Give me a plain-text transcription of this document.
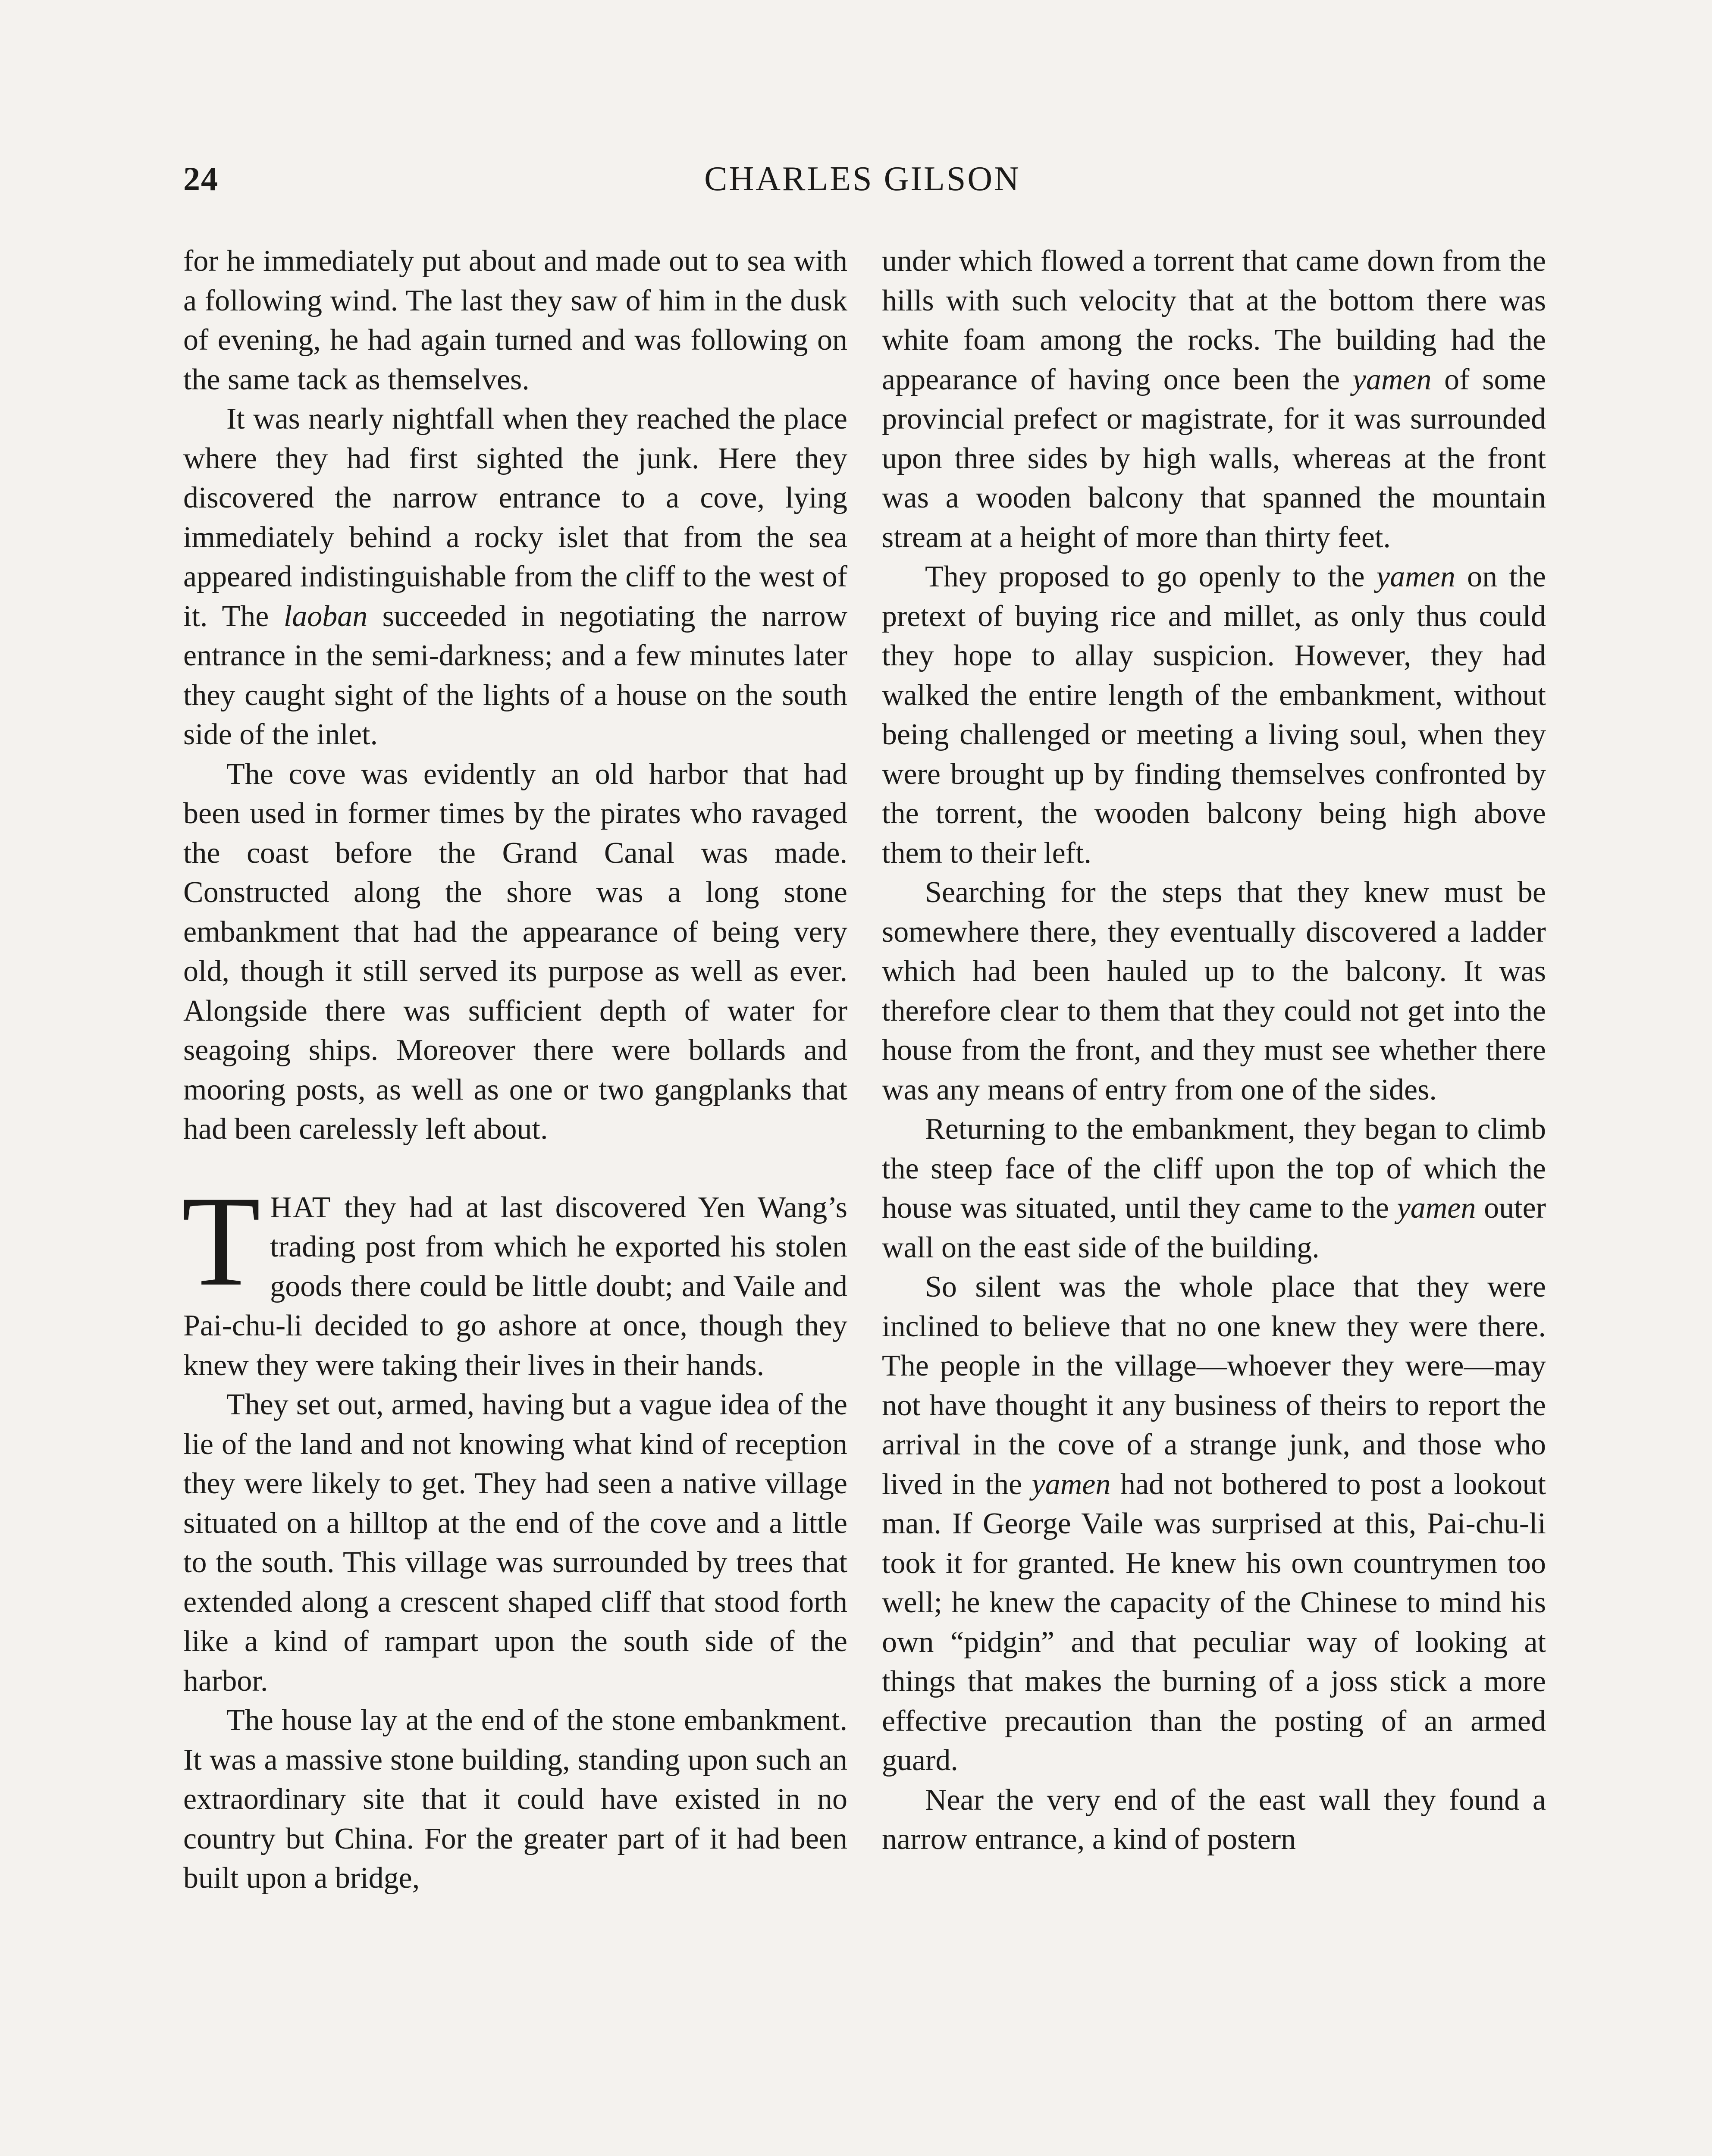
24	CHARLES GILSON

for he immediately put about and made out to sea with a following wind. The last they saw of him in the dusk of evening, he had again turned and was following on the same tack as themselves.

It was nearly nightfall when they reached the place where they had first sighted the junk. Here they discovered the narrow entrance to a cove, lying immediately behind a rocky islet that from the sea appeared indistinguishable from the cliff to the west of it. The laoban succeeded in negotiating the narrow entrance in the semi-darkness; and a few minutes later they caught sight of the lights of a house on the south side of the inlet.

The cove was evidently an old harbor that had been used in former times by the pirates who ravaged the coast before the Grand Canal was made. Constructed along the shore was a long stone embankment that had the appearance of being very old, though it still served its purpose as well as ever. Alongside there was sufficient depth of water for seagoing ships. Moreover there were bollards and mooring posts, as well as one or two gangplanks that had been carelessly left about.

THAT they had at last discovered Yen Wang’s trading post from which he exported his stolen goods there could be little doubt; and Vaile and Pai-chu-li decided to go ashore at once, though they knew they were taking their lives in their hands.

They set out, armed, having but a vague idea of the lie of the land and not knowing what kind of reception they were likely to get. They had seen a native village situated on a hilltop at the end of the cove and a little to the south. This village was surrounded by trees that extended along a crescent shaped cliff that stood forth like a kind of rampart upon the south side of the harbor.

The house lay at the end of the stone embankment. It was a massive stone building, standing upon such an extraordinary site that it could have existed in no country but China. For the greater part of it had been built upon a bridge,

under which flowed a torrent that came down from the hills with such velocity that at the bottom there was white foam among the rocks. The building had the appearance of having once been the yamen of some provincial prefect or magistrate, for it was surrounded upon three sides by high walls, whereas at the front was a wooden balcony that spanned the mountain stream at a height of more than thirty feet.

They proposed to go openly to the yamen on the pretext of buying rice and millet, as only thus could they hope to allay suspicion. However, they had walked the entire length of the embankment, without being challenged or meeting a living soul, when they were brought up by finding themselves confronted by the torrent, the wooden balcony being high above them to their left.

Searching for the steps that they knew must be somewhere there, they eventually discovered a ladder which had been hauled up to the balcony. It was therefore clear to them that they could not get into the house from the front, and they must see whether there was any means of entry from one of the sides.

Returning to the embankment, they began to climb the steep face of the cliff upon the top of which the house was situated, until they came to the yamen outer wall on the east side of the building.

So silent was the whole place that they were inclined to believe that no one knew they were there. The people in the village—whoever they were—may not have thought it any business of theirs to report the arrival in the cove of a strange junk, and those who lived in the yamen had not bothered to post a lookout man. If George Vaile was surprised at this, Pai-chu-li took it for granted. He knew his own countrymen too well; he knew the capacity of the Chinese to mind his own “pidgin” and that peculiar way of looking at things that makes the burning of a joss stick a more effective precaution than the posting of an armed guard.

Near the very end of the east wall they found a narrow entrance, a kind of postern
